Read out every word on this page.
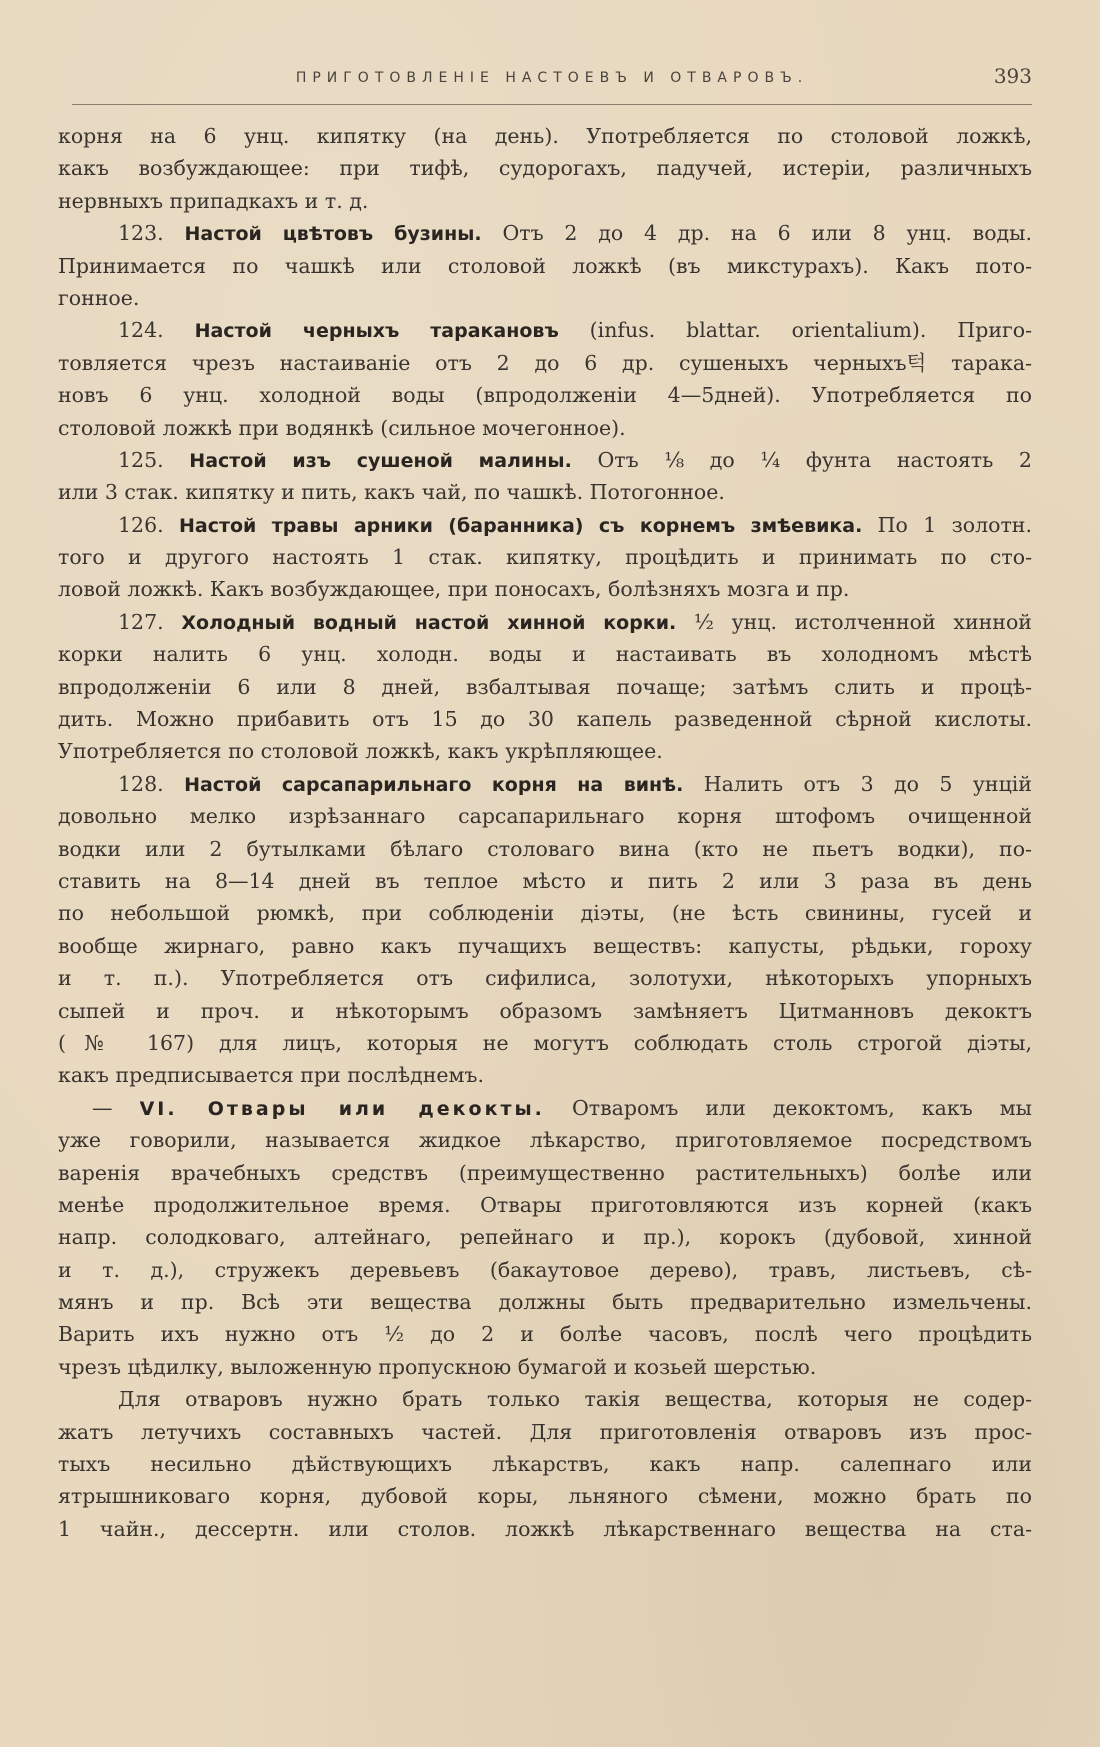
ПРИГОТОВЛЕНІЕ НАСТОЕВЪ И ОТВАРОВЪ.	393
корня на 6 унц. кипятку (на день). Употребляется по столовой ложкѣ,
какъ возбуждающее: при тифѣ, судорогахъ, падучей, истеріи, различныхъ
нервныхъ припадкахъ и т. д.
123. Настой цвѣтовъ бузины. Отъ 2 до 4 др. на 6 или 8 унц. воды.
Принимается по чашкѣ или столовой ложкѣ (въ микстурахъ). Какъ пото-
гонное.
124. Настой черныхъ таракановъ (infus. blattar. orientalium). Приго-
товляется чрезъ настаиваніе отъ 2 до 6 др. сушеныхъ черныхъ턱 тарака-
новъ 6 унц. холодной воды (впродолженіи 4—5дней). Употребляется по
столовой ложкѣ при водянкѣ (сильное мочегонное).
125. Настой изъ сушеной малины. Отъ ⅛ до ¼ фунта настоять 2
или 3 стак. кипятку и пить, какъ чай, по чашкѣ. Потогонное.
126. Настой травы арники (баранника) съ корнемъ змѣевика. По 1 золотн.
того и другого настоять 1 стак. кипятку, процѣдить и принимать по сто-
ловой ложкѣ. Какъ возбуждающее, при поносахъ, болѣзняхъ мозга и пр.
127. Холодный водный настой хинной корки. ½ унц. истолченной хинной
корки налить 6 унц. холодн. воды и настаивать въ холодномъ мѣстѣ
впродолженіи 6 или 8 дней, взбалтывая почаще; затѣмъ слить и процѣ-
дить. Можно прибавить отъ 15 до 30 капель разведенной сѣрной кислоты.
Употребляется по столовой ложкѣ, какъ укрѣпляющее.
128. Настой сарсапарильнаго корня на винѣ. Налить отъ 3 до 5 унцій
довольно мелко изрѣзаннаго сарсапарильнаго корня штофомъ очищенной
водки или 2 бутылками бѣлаго столоваго вина (кто не пьетъ водки), по-
ставить на 8—14 дней въ теплое мѣсто и пить 2 или 3 раза въ день
по небольшой рюмкѣ, при соблюденіи діэты, (не ѣсть свинины, гусей и
вообще жирнаго, равно какъ пучащихъ веществъ: капусты, рѣдьки, гороху
и т. п.). Употребляется отъ сифилиса, золотухи, нѣкоторыхъ упорныхъ
сыпей и проч. и нѣкоторымъ образомъ замѣняетъ Цитманновъ декоктъ
(№ 167) для лицъ, которыя не могутъ соблюдать столь строгой діэты,
какъ предписывается при послѣднемъ.
— VI. Отвары или декокты. Отваромъ или декоктомъ, какъ мы
уже говорили, называется жидкое лѣкарство, приготовляемое посредствомъ
варенія врачебныхъ средствъ (преимущественно растительныхъ) болѣе или
менѣе продолжительное время. Отвары приготовляются изъ корней (какъ
напр. солодковаго, алтейнаго, репейнаго и пр.), корокъ (дубовой, хинной
и т. д.), стружекъ деревьевъ (бакаутовое дерево), травъ, листьевъ, сѣ-
мянъ и пр. Всѣ эти вещества должны быть предварительно измельчены.
Варить ихъ нужно отъ ½ до 2 и болѣе часовъ, послѣ чего процѣдить
чрезъ цѣдилку, выложенную пропускною бумагой и козьей шерстью.
Для отваровъ нужно брать только такія вещества, которыя не содер-
жатъ летучихъ составныхъ частей. Для приготовленія отваровъ изъ прос-
тыхъ несильно дѣйствующихъ лѣкарствъ, какъ напр. салепнаго или
ятрышниковаго корня, дубовой коры, льняного сѣмени, можно брать по
1 чайн., дессертн. или столов. ложкѣ лѣкарственнаго вещества на ста-
